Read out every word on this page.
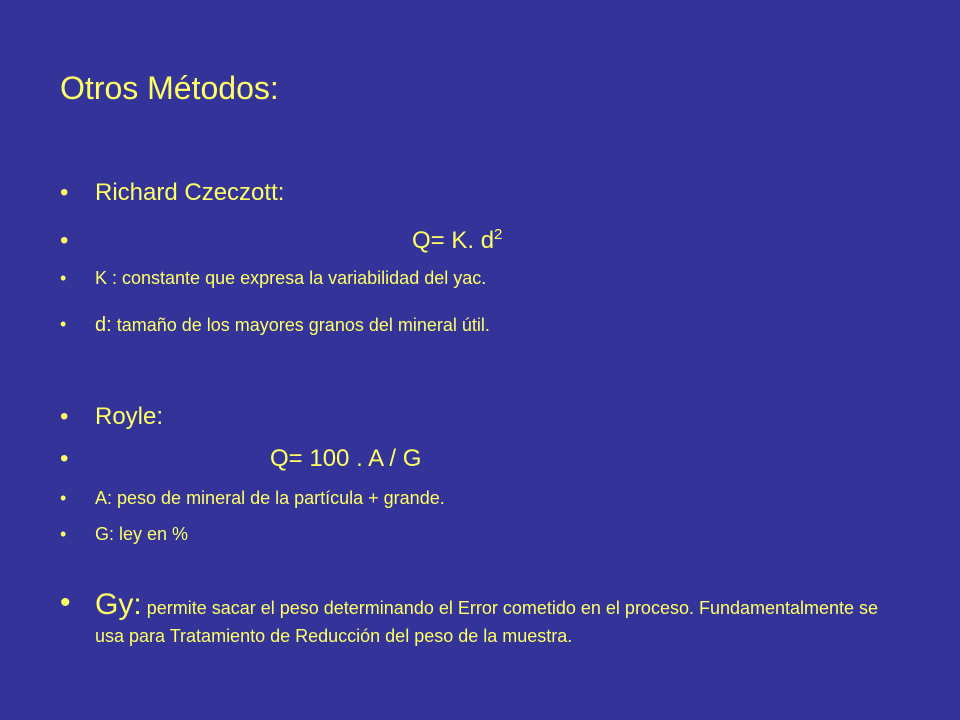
Otros Métodos:
• Richard Czeczott:
•	Q= K. $d^2$
• K : constante que expresa la variabilidad del yac.
• d: tamaño de los mayores granos del mineral útil.
• Royle:
•	Q= 100 . A / G
• A: peso de mineral de la partícula + grande.
• G: ley en %
• Gy: permite sacar el peso determinando el Error cometido en el proceso. Fundamentalmente se usa para Tratamiento de Reducción del peso de la muestra.
